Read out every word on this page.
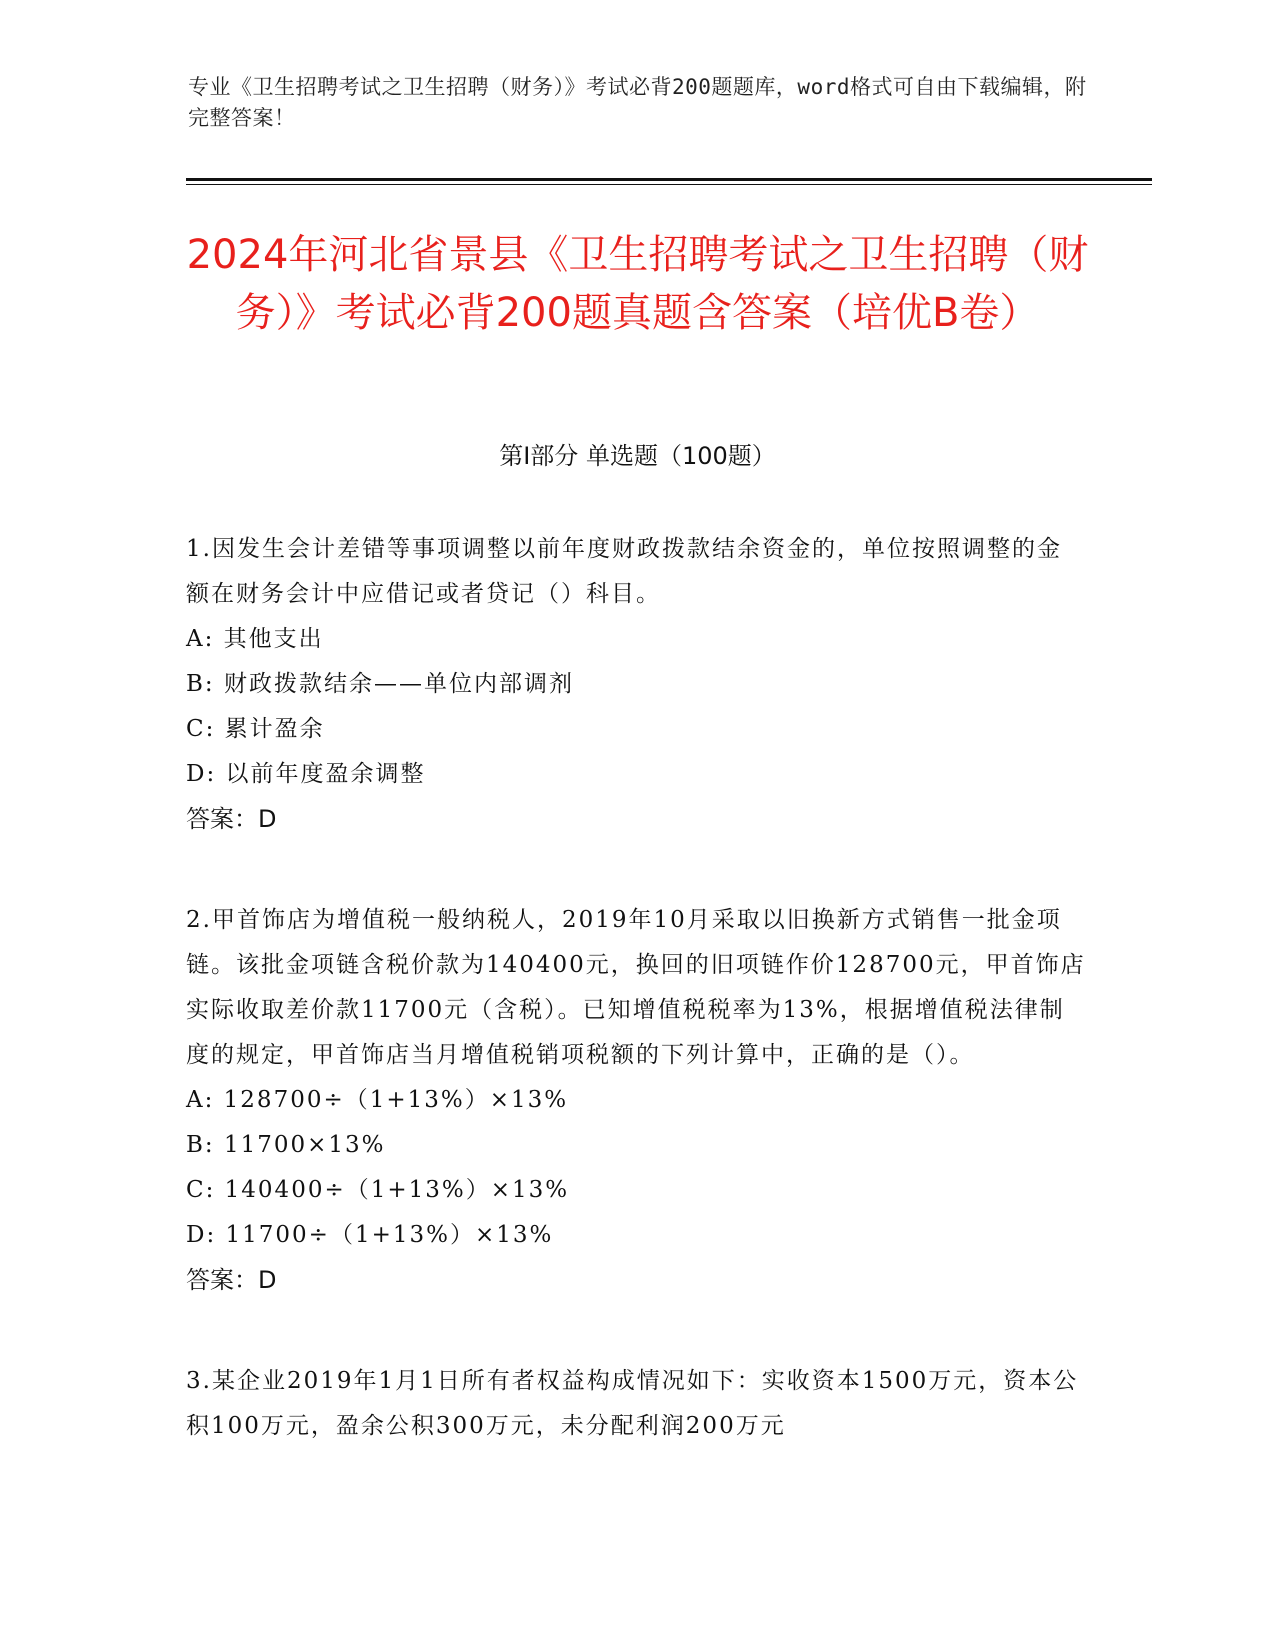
专业《卫生招聘考试之卫生招聘（财务）》考试必背200题题库，word格式可自由下载编辑，附完整答案！
2024年河北省景县《卫生招聘考试之卫生招聘（财务）》考试必背200题真题含答案（培优B卷）
第Ⅰ部分 单选题（100题）

1.因发生会计差错等事项调整以前年度财政拨款结余资金的，单位按照调整的金额在财务会计中应借记或者贷记（）科目。

A: 其他支出

B: 财政拨款结余——单位内部调剂

C: 累计盈余

D: 以前年度盈余调整

答案：D

2.甲首饰店为增值税一般纳税人，2019年10月采取以旧换新方式销售一批金项链。该批金项链含税价款为140400元，换回的旧项链作价128700元，甲首饰店实际收取差价款11700元（含税）。已知增值税税率为13%，根据增值税法律制度的规定，甲首饰店当月增值税销项税额的下列计算中，正确的是（）。

A: 128700÷（1+13%）×13%

B: 11700×13%

C: 140400÷（1+13%）×13%

D: 11700÷（1+13%）×13%

答案：D

3.某企业2019年1月1日所有者权益构成情况如下：实收资本1500万元，资本公积100万元，盈余公积300万元，未分配利润200万元
